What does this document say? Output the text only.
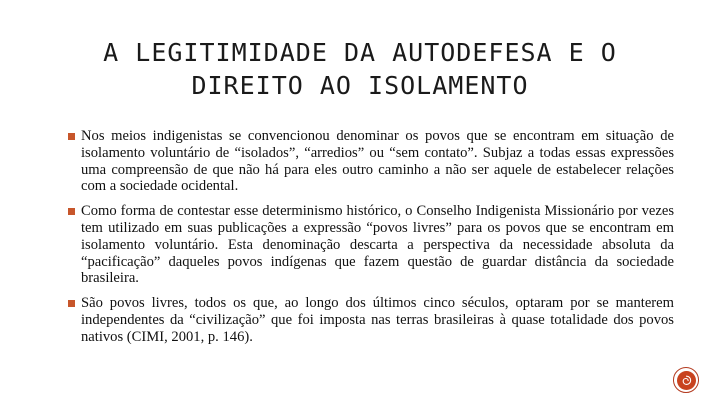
A LEGITIMIDADE DA AUTODEFESA E O DIREITO AO ISOLAMENTO
Nos meios indigenistas se convencionou denominar os povos que se encontram em situação de isolamento voluntário de “isolados”, “arredios” ou “sem contato”. Subjaz a todas essas expressões uma compreensão de que não há para eles outro caminho a não ser aquele de estabelecer relações com a sociedade ocidental.
Como forma de contestar esse determinismo histórico, o Conselho Indigenista Missionário por vezes tem utilizado em suas publicações a expressão “povos livres” para os povos que se encontram em isolamento voluntário. Esta denominação descarta a perspectiva da necessidade absoluta da “pacificação” daqueles povos indígenas que fazem questão de guardar distância da sociedade brasileira.
São povos livres, todos os que, ao longo dos últimos cinco séculos, optaram por se manterem independentes da “civilização” que foi imposta nas terras brasileiras à quase totalidade dos povos nativos (CIMI, 2001, p. 146).
